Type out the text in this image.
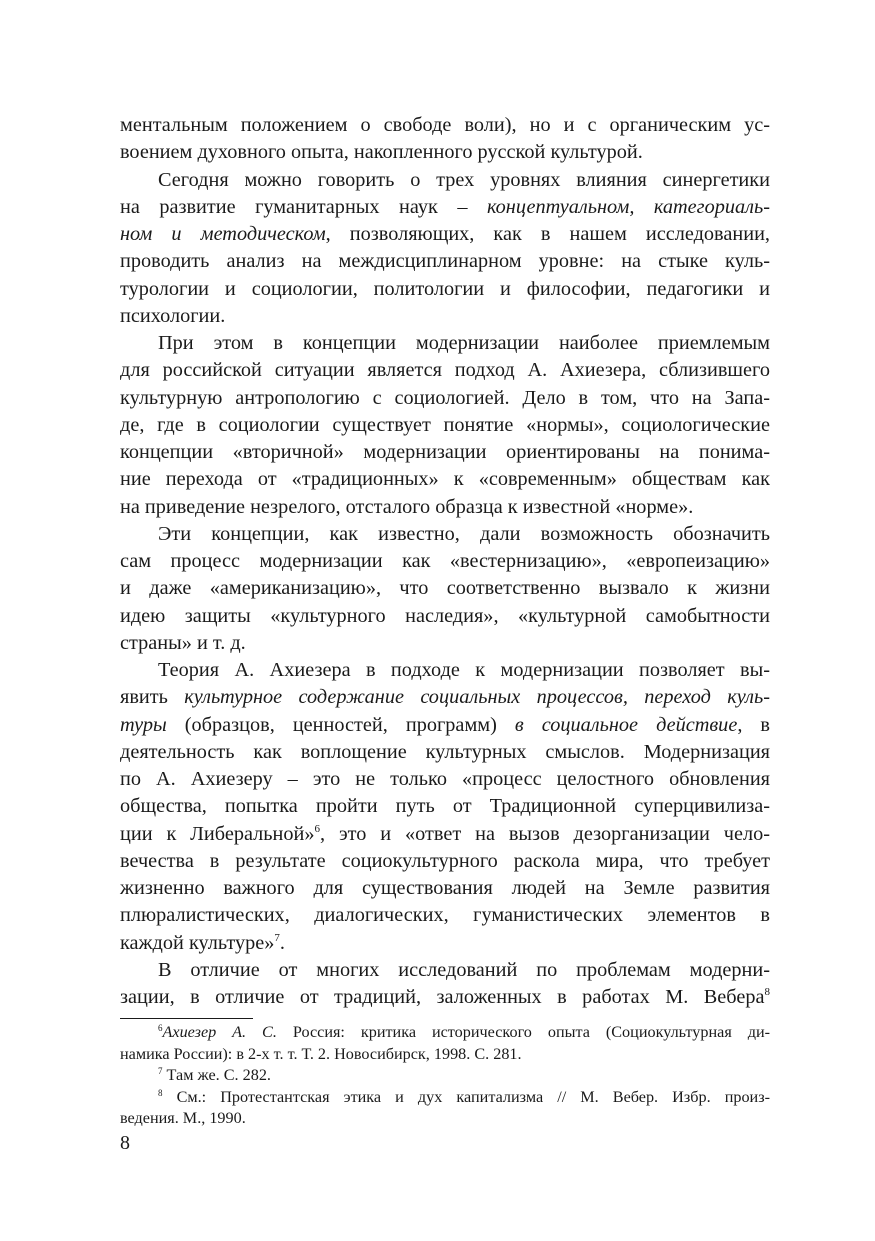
ментальным положением о свободе воли), но и с органическим ус-
воением духовного опыта, накопленного русской культурой.
Сегодня можно говорить о трех уровнях влияния синергетики
на развитие гуманитарных наук – концептуальном, категориаль-
ном и методическом, позволяющих, как в нашем исследовании,
проводить анализ на междисциплинарном уровне: на стыке куль-
турологии и социологии, политологии и философии, педагогики и
психологии.
При этом в концепции модернизации наиболее приемлемым
для российской ситуации является подход А. Ахиезера, сблизившего
культурную антропологию с социологией. Дело в том, что на Запа-
де, где в социологии существует понятие «нормы», социологические
концепции «вторичной» модернизации ориентированы на понима-
ние перехода от «традиционных» к «современным» обществам как
на приведение незрелого, отсталого образца к известной «норме».
Эти концепции, как известно, дали возможность обозначить
сам процесс модернизации как «вестернизацию», «европеизацию»
и даже «американизацию», что соответственно вызвало к жизни
идею защиты «культурного наследия», «культурной самобытности
страны» и т. д.
Теория А. Ахиезера в подходе к модернизации позволяет вы-
явить культурное содержание социальных процессов, переход куль-
туры (образцов, ценностей, программ) в социальное действие, в
деятельность как воплощение культурных смыслов. Модернизация
по А. Ахиезеру – это не только «процесс целостного обновления
общества, попытка пройти путь от Традиционной суперцивилиза-
ции к Либеральной»$^6$, это и «ответ на вызов дезорганизации чело-
вечества в результате социокультурного раскола мира, что требует
жизненно важного для существования людей на Земле развития
плюралистических, диалогических, гуманистических элементов в
каждой культуре»$^7$.
В отличие от многих исследований по проблемам модерни-
зации, в отличие от традиций, заложенных в работах М. Вебера$^8$
$^6$Ахиезер А. С. Россия: критика исторического опыта (Социокультурная ди-
намика России): в 2-х т. т. Т. 2. Новосибирск, 1998. С. 281.
$^7$ Там же. С. 282.
$^8$ См.: Протестантская этика и дух капитализма // М. Вебер. Избр. произ-
ведения. М., 1990.
8
